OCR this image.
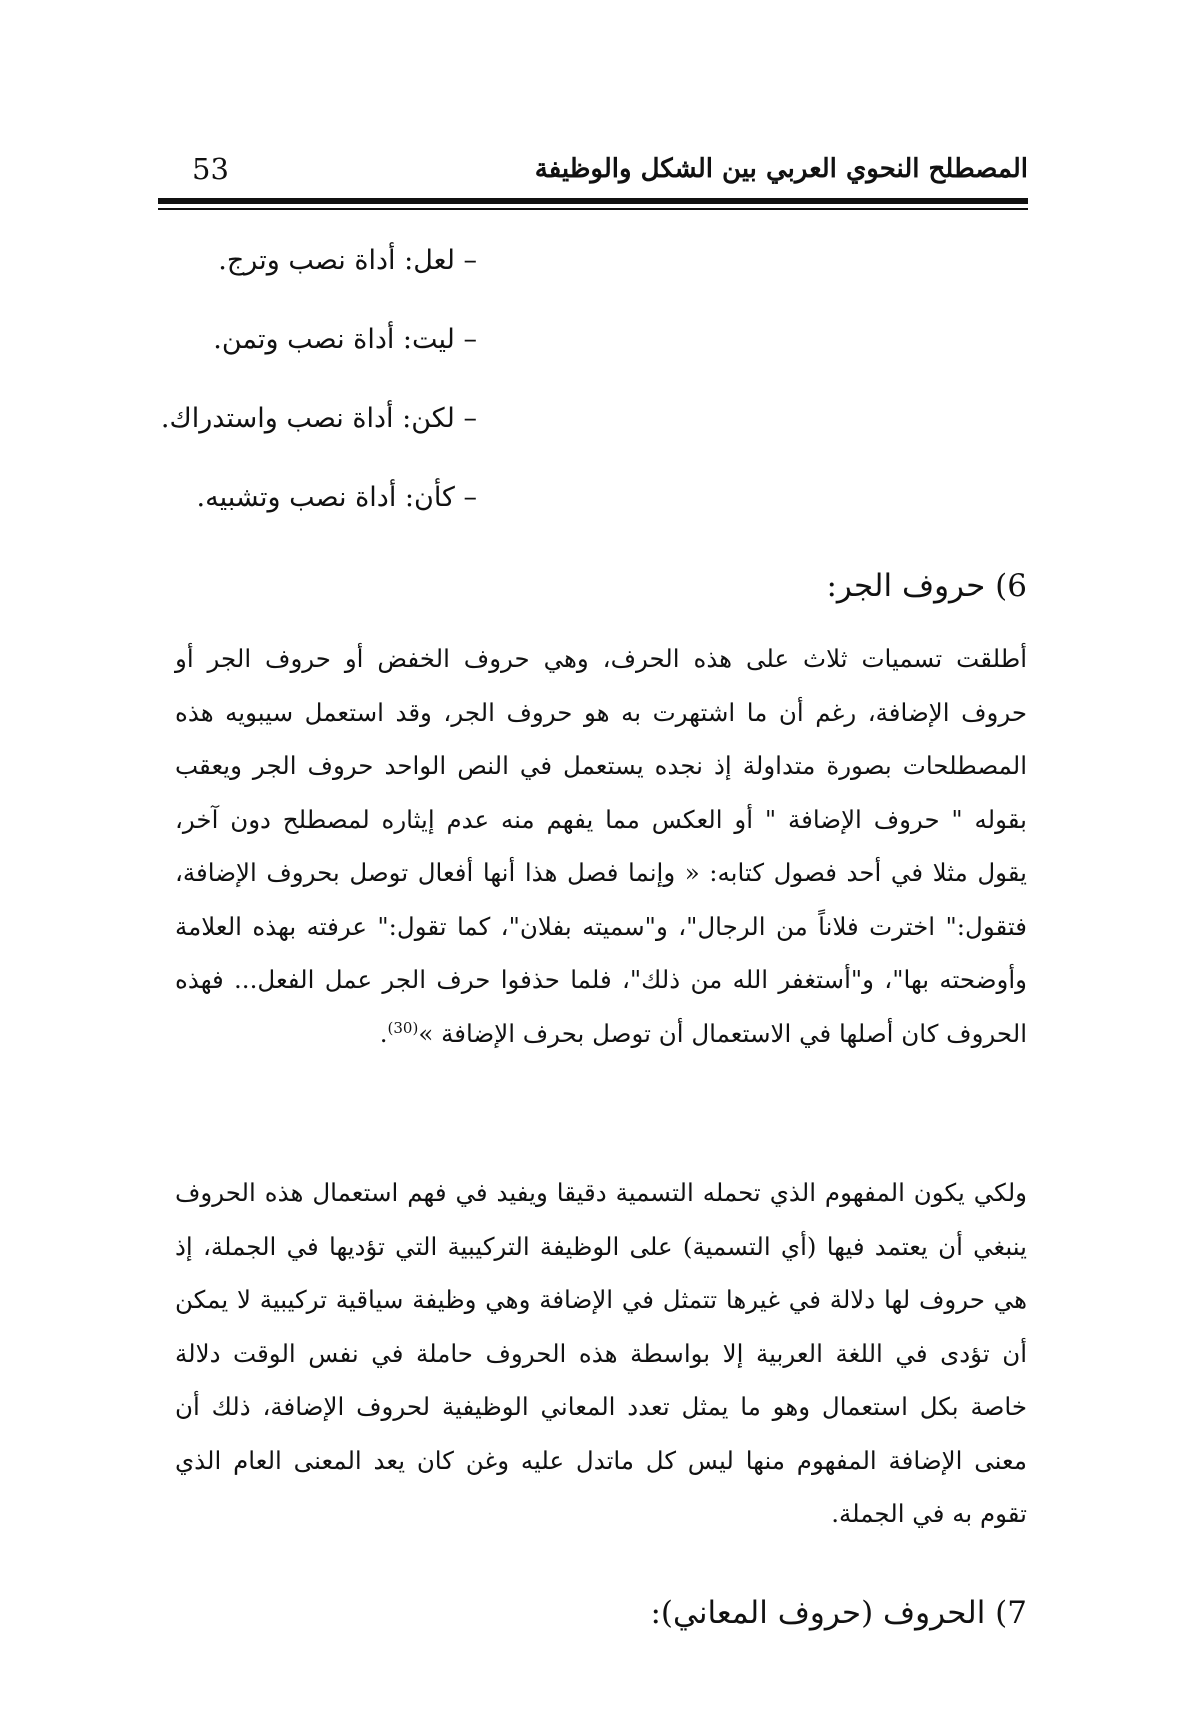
المصطلح النحوي العربي بين الشكل والوظيفة
53
– لعل: أداة نصب وترج.
– ليت: أداة نصب وتمن.
– لكن: أداة نصب واستدراك.
– كأن: أداة نصب وتشبيه.
6) حروف الجر:
أطلقت تسميات ثلاث على هذه الحرف، وهي حروف الخفض أو حروف الجر أو حروف الإضافة، رغم أن ما اشتهرت به هو حروف الجر، وقد استعمل سيبويه هذه المصطلحات بصورة متداولة إذ نجده يستعمل في النص الواحد حروف الجر ويعقب بقوله " حروف الإضافة " أو العكس مما يفهم منه عدم إيثاره لمصطلح دون آخر، يقول مثلا في أحد فصول كتابه: « وإنما فصل هذا أنها أفعال توصل بحروف الإضافة، فتقول:" اخترت فلاناً من الرجال"، و"سميته بفلان"، كما تقول:" عرفته بهذه العلامة وأوضحته بها"، و"أستغفر الله من ذلك"، فلما حذفوا حرف الجر عمل الفعل... فهذه الحروف كان أصلها في الاستعمال أن توصل بحرف الإضافة »$^{(30)}$.
ولكي يكون المفهوم الذي تحمله التسمية دقيقا ويفيد في فهم استعمال هذه الحروف ينبغي أن يعتمد فيها (أي التسمية) على الوظيفة التركيبية التي تؤديها في الجملة، إذ هي حروف لها دلالة في غيرها تتمثل في الإضافة وهي وظيفة سياقية تركيبية لا يمكن أن تؤدى في اللغة العربية إلا بواسطة هذه الحروف حاملة في نفس الوقت دلالة خاصة بكل استعمال وهو ما يمثل تعدد المعاني الوظيفية لحروف الإضافة، ذلك أن معنى الإضافة المفهوم منها ليس كل ماتدل عليه وغن كان يعد المعنى العام الذي تقوم به في الجملة.
7) الحروف (حروف المعاني):
